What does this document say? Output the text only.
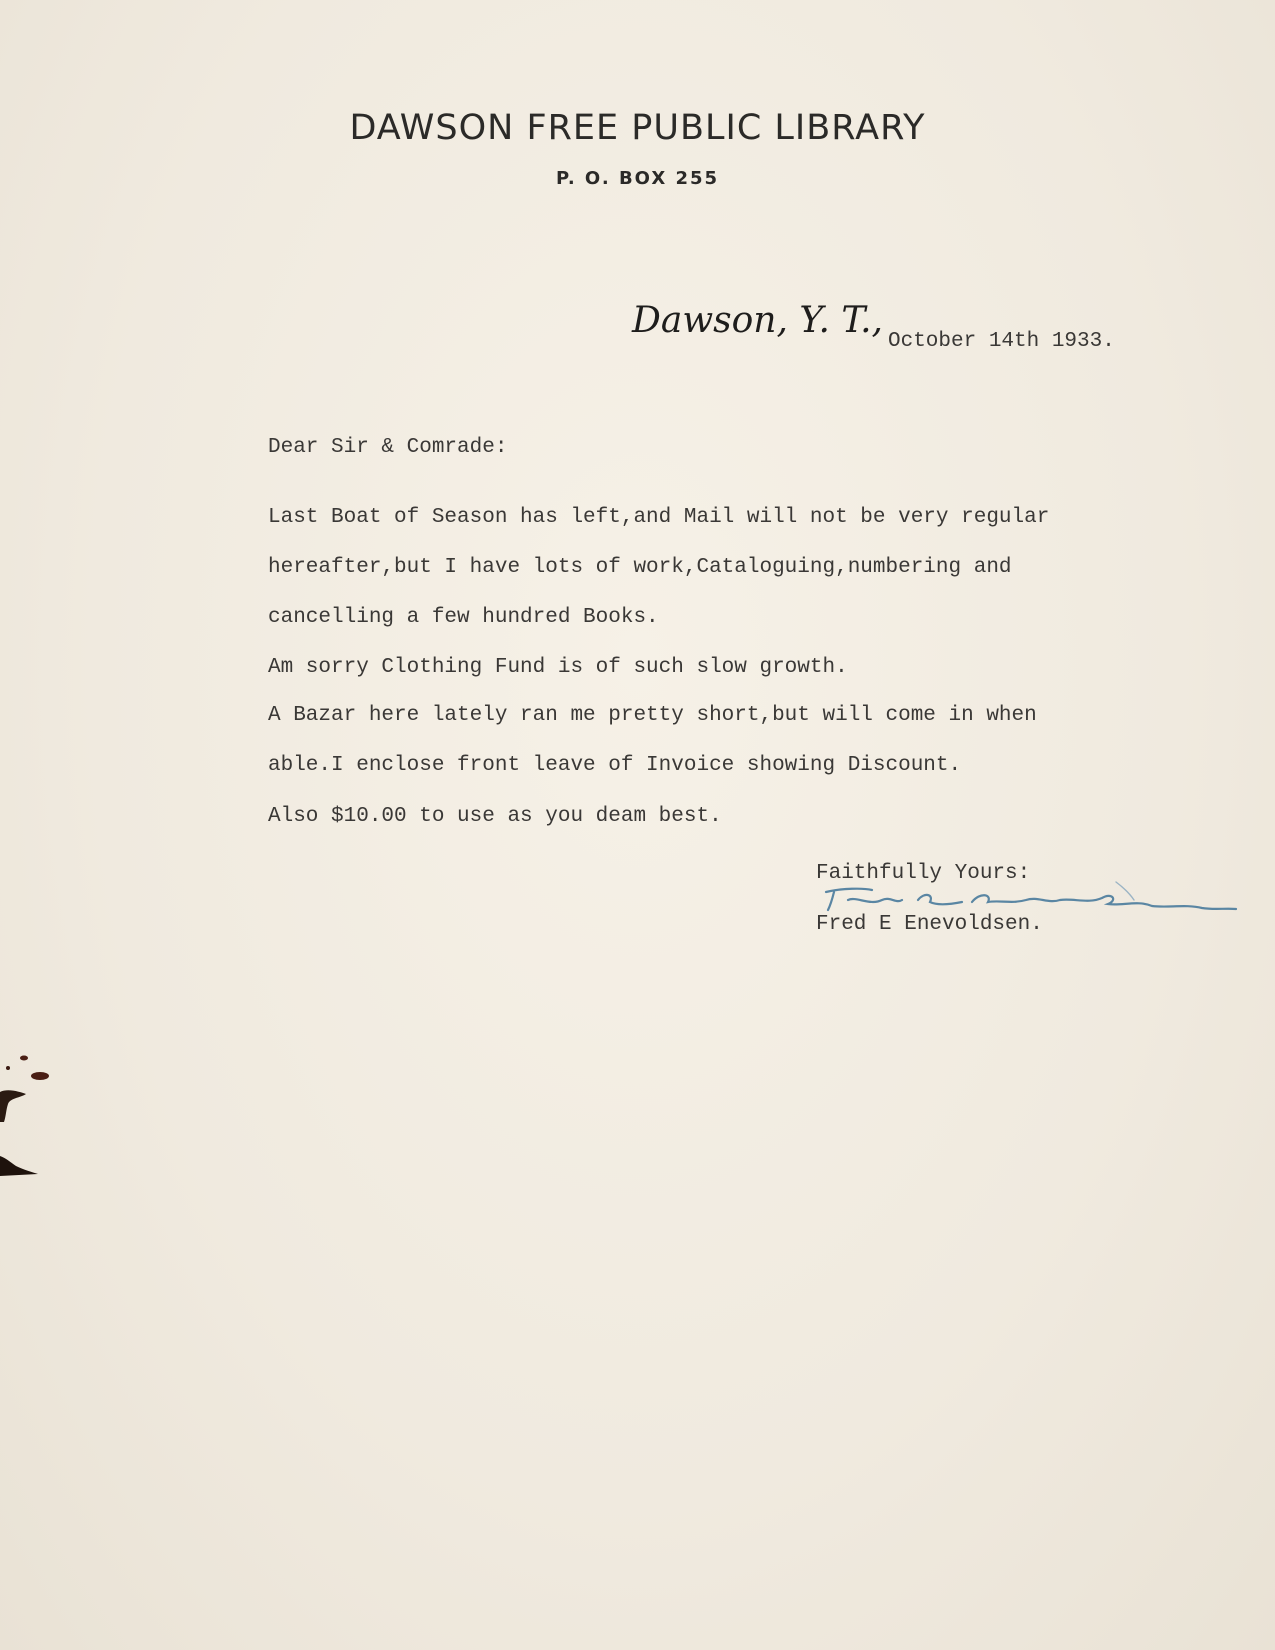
DAWSON FREE PUBLIC LIBRARY
P. O. BOX 255
Dawson, Y. T.,
October 14th 1933.
Dear Sir & Comrade:
Last Boat of Season has left,and Mail will not be very regular
hereafter,but I have lots of work,Cataloguing,numbering and
cancelling a few hundred Books.
Am sorry Clothing Fund is of such slow growth.
A Bazar here lately ran me pretty short,but will come in when
able.I enclose front leave of Invoice showing Discount.
Also $10.00 to use as you deam best.
Faithfully Yours:
Fred E Enevoldsen.
